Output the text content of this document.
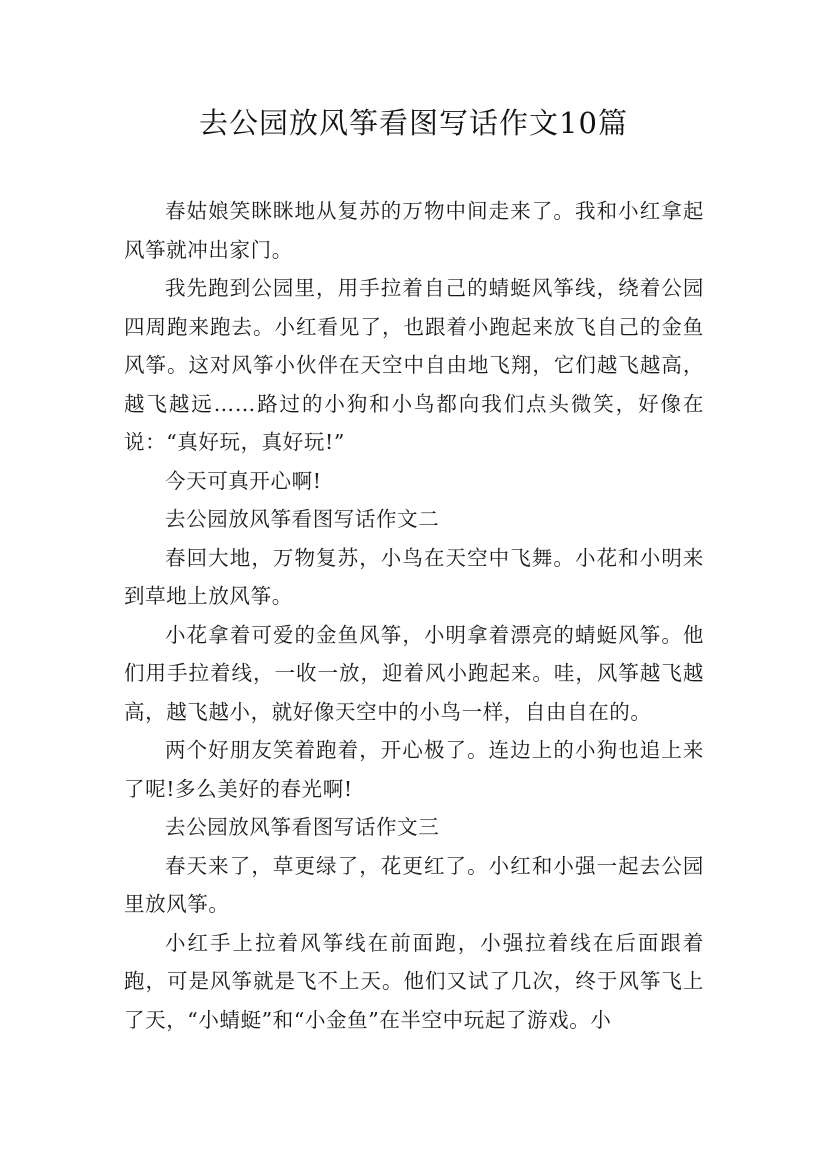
去公园放风筝看图写话作文10篇

春姑娘笑眯眯地从复苏的万物中间走来了。我和小红拿起风筝就冲出家门。

我先跑到公园里，用手拉着自己的蜻蜓风筝线，绕着公园四周跑来跑去。小红看见了，也跟着小跑起来放飞自己的金鱼风筝。这对风筝小伙伴在天空中自由地飞翔，它们越飞越高，越飞越远……路过的小狗和小鸟都向我们点头微笑，好像在说：“真好玩，真好玩!”

今天可真开心啊!

去公园放风筝看图写话作文二

春回大地，万物复苏，小鸟在天空中飞舞。小花和小明来到草地上放风筝。

小花拿着可爱的金鱼风筝，小明拿着漂亮的蜻蜓风筝。他们用手拉着线，一收一放，迎着风小跑起来。哇，风筝越飞越高，越飞越小，就好像天空中的小鸟一样，自由自在的。

两个好朋友笑着跑着，开心极了。连边上的小狗也追上来了呢!多么美好的春光啊!

去公园放风筝看图写话作文三

春天来了，草更绿了，花更红了。小红和小强一起去公园里放风筝。

小红手上拉着风筝线在前面跑，小强拉着线在后面跟着跑，可是风筝就是飞不上天。他们又试了几次，终于风筝飞上了天，“小蜻蜓”和“小金鱼”在半空中玩起了游戏。小
